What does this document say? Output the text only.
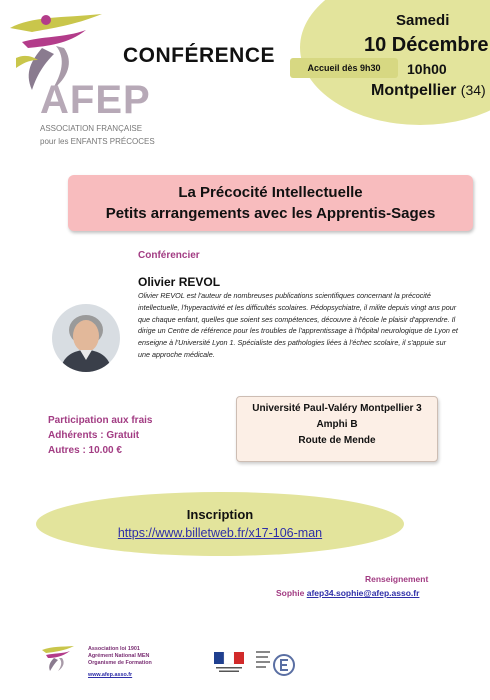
Samedi
10 Décembre
Accueil dès 9h30	10h00
Montpellier (34)
CONFÉRENCE
AFEP
ASSOCIATION FRANÇAISE
pour les ENFANTS PRÉCOCES
La Précocité Intellectuelle
Petits arrangements avec les Apprentis-Sages
Conférencier
Olivier REVOL
Olivier REVOL est l'auteur de nombreuses publications scientifiques concernant la précocité intellectuelle, l'hyperactivité et les difficultés scolaires. Pédopsychiatre, il milite depuis vingt ans pour que chaque enfant, quelles que soient ses compétences, découvre à l'école le plaisir d'apprendre. Il dirige un Centre de référence pour les troubles de l'apprentissage à l'hôpital neurologique de Lyon et enseigne à l'Université Lyon 1. Spécialiste des pathologies liées à l'échec scolaire, il s'appuie sur une approche médicale.
Participation aux frais
Adhérents : Gratuit
Autres : 10.00 €
Université Paul-Valéry Montpellier 3
Amphi B
Route de Mende
Inscription
https://www.billetweb.fr/x17-106-man
Renseignement
Sophie afep34.sophie@afep.asso.fr
Association loi 1901
Agrément National MEN
Organisme de Formation
www.afep.asso.fr
